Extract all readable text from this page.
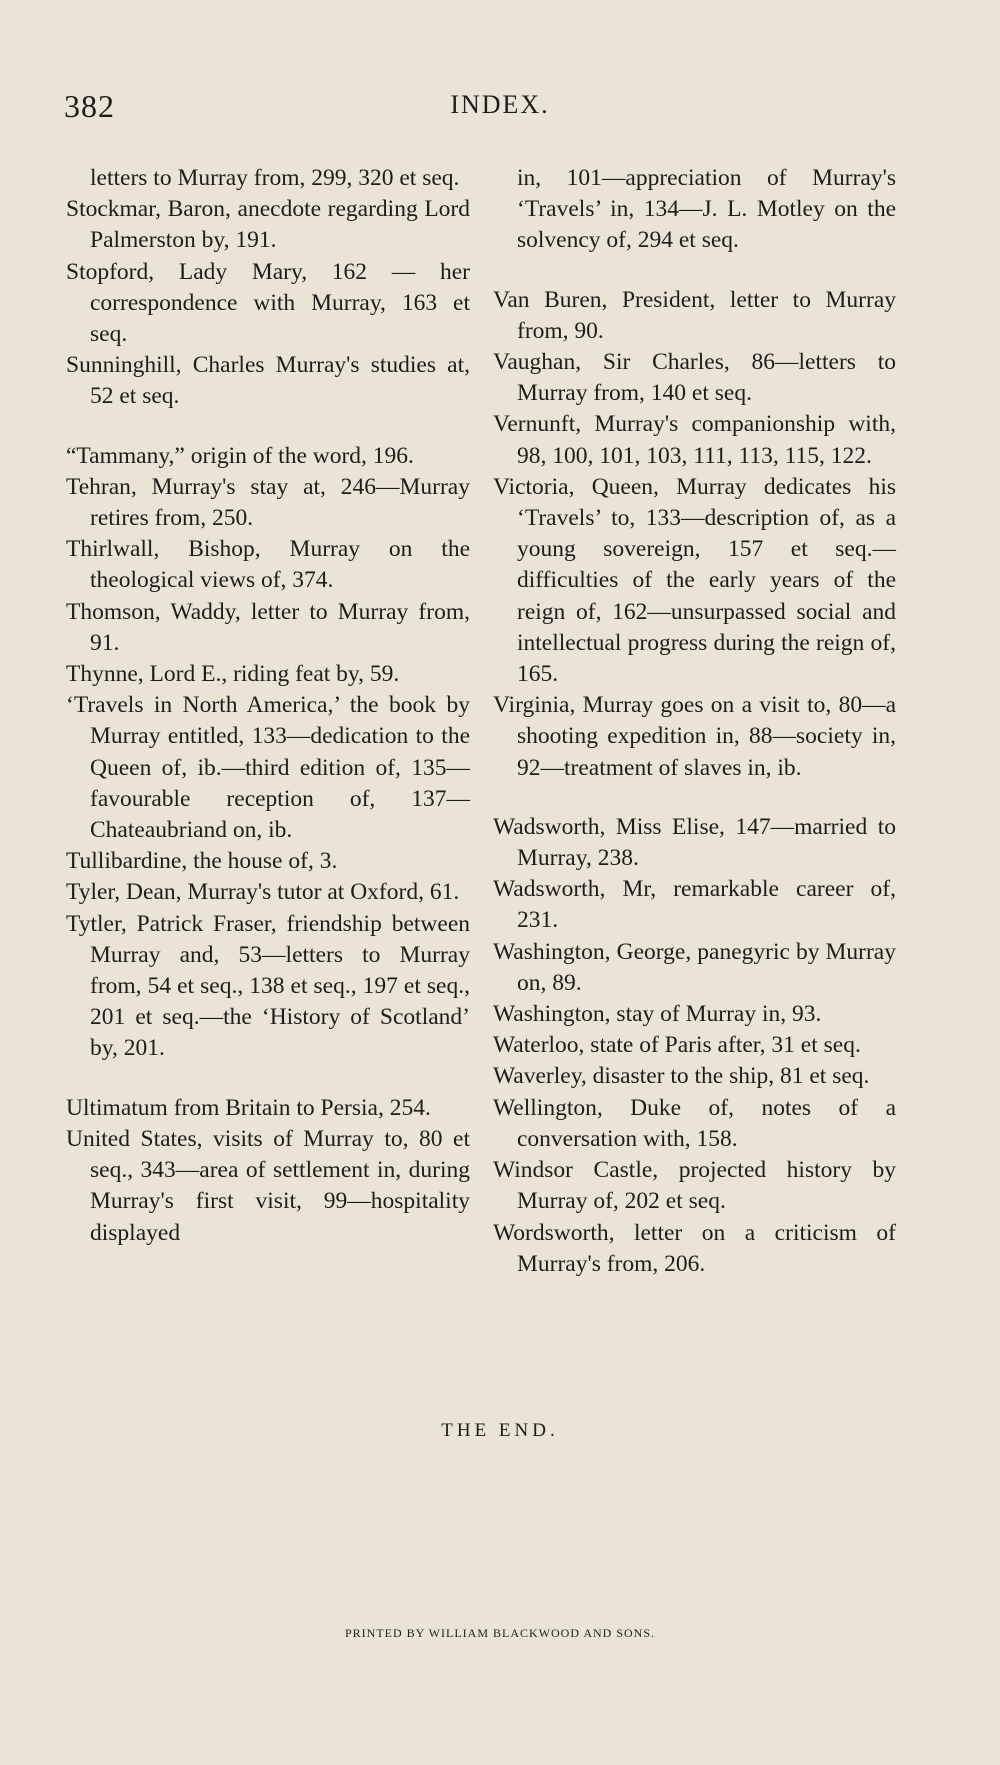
382	INDEX.

letters to Murray from, 299, 320 et seq.

Stockmar, Baron, anecdote regarding Lord Palmerston by, 191.

Stopford, Lady Mary, 162 — her correspondence with Murray, 163 et seq.

Sunninghill, Charles Murray's studies at, 52 et seq.

“Tammany,” origin of the word, 196.

Tehran, Murray's stay at, 246—Murray retires from, 250.

Thirlwall, Bishop, Murray on the theological views of, 374.

Thomson, Waddy, letter to Murray from, 91.

Thynne, Lord E., riding feat by, 59.

‘Travels in North America,’ the book by Murray entitled, 133—dedication to the Queen of, ib.—third edition of, 135—favourable reception of, 137—Chateaubriand on, ib.

Tullibardine, the house of, 3.

Tyler, Dean, Murray's tutor at Oxford, 61.

Tytler, Patrick Fraser, friendship between Murray and, 53—letters to Murray from, 54 et seq., 138 et seq., 197 et seq., 201 et seq.—the ‘History of Scotland’ by, 201.

Ultimatum from Britain to Persia, 254.

United States, visits of Murray to, 80 et seq., 343—area of settlement in, during Murray's first visit, 99—hospitality displayed

in, 101—appreciation of Murray's ‘Travels’ in, 134—J. L. Motley on the solvency of, 294 et seq.

Van Buren, President, letter to Murray from, 90.

Vaughan, Sir Charles, 86—letters to Murray from, 140 et seq.

Vernunft, Murray's companionship with, 98, 100, 101, 103, 111, 113, 115, 122.

Victoria, Queen, Murray dedicates his ‘Travels’ to, 133—description of, as a young sovereign, 157 et seq.—difficulties of the early years of the reign of, 162—unsurpassed social and intellectual progress during the reign of, 165.

Virginia, Murray goes on a visit to, 80—a shooting expedition in, 88—society in, 92—treatment of slaves in, ib.

Wadsworth, Miss Elise, 147—married to Murray, 238.

Wadsworth, Mr, remarkable career of, 231.

Washington, George, panegyric by Murray on, 89.

Washington, stay of Murray in, 93.

Waterloo, state of Paris after, 31 et seq.

Waverley, disaster to the ship, 81 et seq.

Wellington, Duke of, notes of a conversation with, 158.

Windsor Castle, projected history by Murray of, 202 et seq.

Wordsworth, letter on a criticism of Murray's from, 206.

THE END.
PRINTED BY WILLIAM BLACKWOOD AND SONS.
